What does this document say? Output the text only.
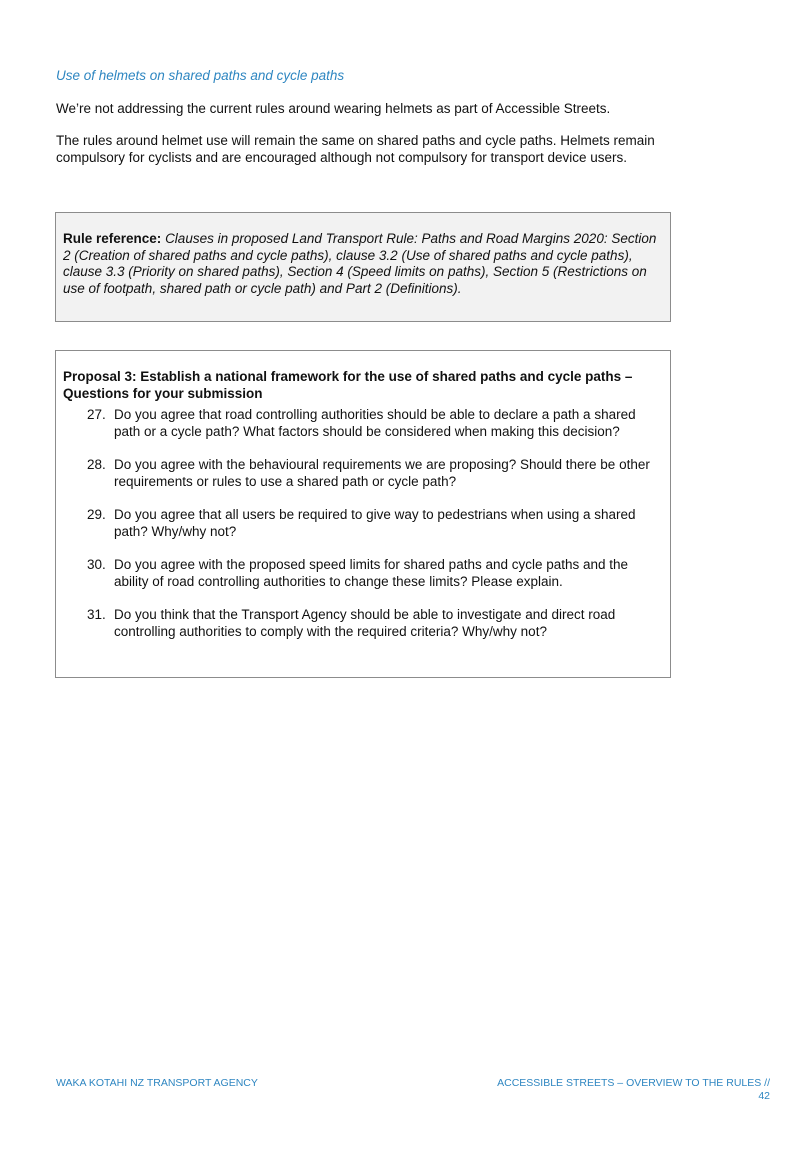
Use of helmets on shared paths and cycle paths

We’re not addressing the current rules around wearing helmets as part of Accessible Streets.

The rules around helmet use will remain the same on shared paths and cycle paths. Helmets remain compulsory for cyclists and are encouraged although not compulsory for transport device users.

Rule reference: Clauses in proposed Land Transport Rule: Paths and Road Margins 2020: Section 2 (Creation of shared paths and cycle paths), clause 3.2 (Use of shared paths and cycle paths), clause 3.3 (Priority on shared paths), Section 4 (Speed limits on paths), Section 5 (Restrictions on use of footpath, shared path or cycle path) and Part 2 (Definitions).

Proposal 3: Establish a national framework for the use of shared paths and cycle paths – Questions for your submission

27. Do you agree that road controlling authorities should be able to declare a path a shared path or a cycle path? What factors should be considered when making this decision?
28. Do you agree with the behavioural requirements we are proposing? Should there be other requirements or rules to use a shared path or cycle path?
29. Do you agree that all users be required to give way to pedestrians when using a shared path? Why/why not?
30. Do you agree with the proposed speed limits for shared paths and cycle paths and the ability of road controlling authorities to change these limits? Please explain.
31. Do you think that the Transport Agency should be able to investigate and direct road controlling authorities to comply with the required criteria? Why/why not?
WAKA KOTAHI NZ TRANSPORT AGENCY	ACCESSIBLE STREETS – OVERVIEW TO THE RULES // 42
